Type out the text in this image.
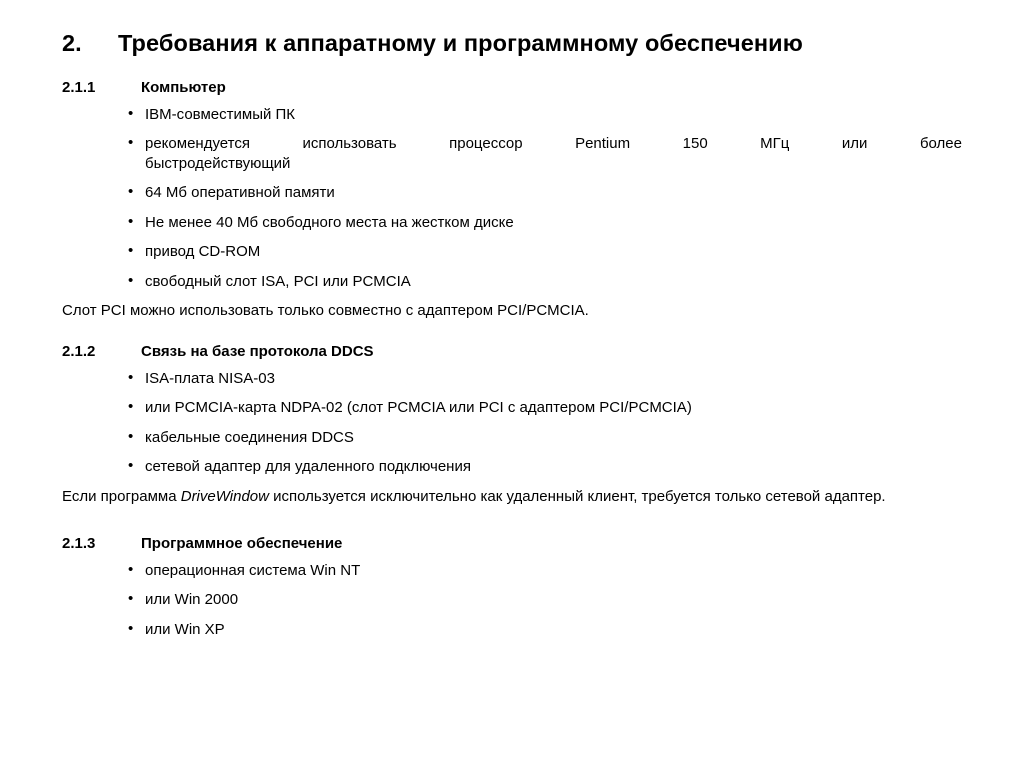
2.	Требования к аппаратному и программному обеспечению
2.1.1	Компьютер
• IBM-совместимый ПК
• рекомендуется использовать процессор Pentium 150 МГц или более
быстродействующий
• 64 Мб оперативной памяти
• Не менее 40 Мб свободного места на жестком диске
• привод CD-ROM
• свободный слот ISA, PCI или PCMCIA

Слот PCI можно использовать только совместно с адаптером PCI/PCMCIA.

2.1.2	Связь на базе протокола DDCS
• ISA-плата NISA-03
• или PCMCIA-карта NDPA-02 (слот PCMCIA или PCI с адаптером PCI/PCMCIA)
• кабельные соединения DDCS
• сетевой адаптер для удаленного подключения

Если программа DriveWindow используется исключительно как удаленный клиент, требуется только сетевой адаптер.

2.1.3	Программное обеспечение
• операционная система Win NT
• или Win 2000
• или Win XP
